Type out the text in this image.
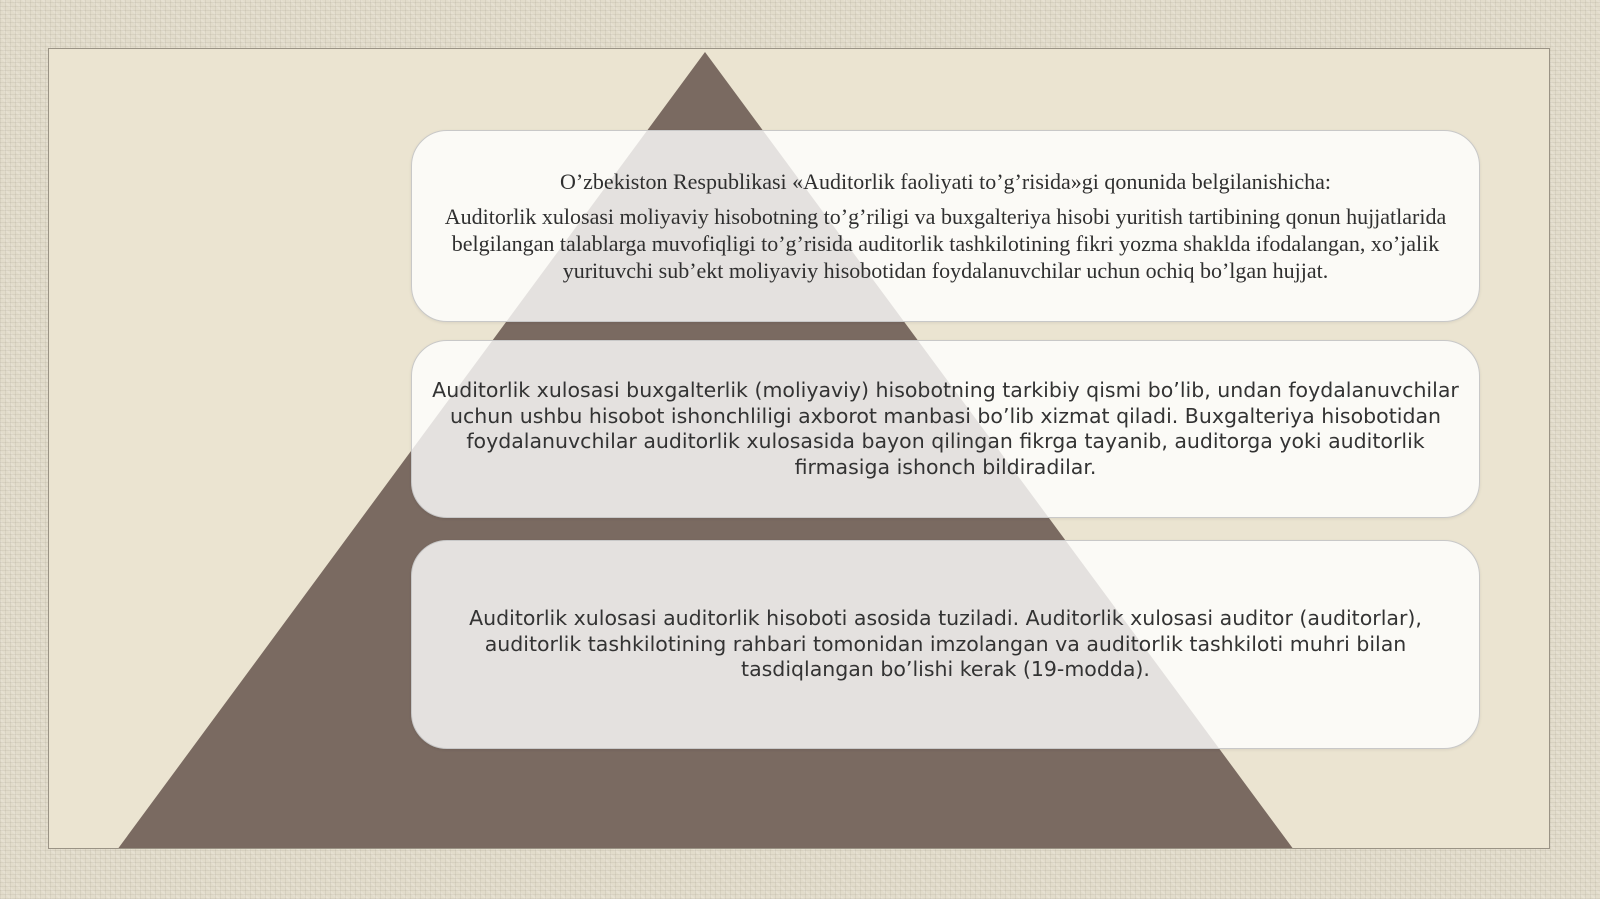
O’zbekiston Respublikasi «Auditorlik faoliyati to’g’risida»gi qonunida belgilanishicha:
Auditorlik xulosasi moliyaviy hisobotning to’g’riligi va buxgalteriya hisobi yuritish tartibining qonun hujjatlarida belgilangan talablarga muvofiqligi to’g’risida auditorlik tashkilotining fikri yozma shaklda ifodalangan, xo’jalik yurituvchi sub’ekt moliyaviy hisobotidan foydalanuvchilar uchun ochiq bo’lgan hujjat.
Auditorlik xulosasi buxgalterlik (moliyaviy) hisobotning tarkibiy qismi bo’lib, undan foydalanuvchilar uchun ushbu hisobot ishonchliligi axborot manbasi bo’lib xizmat qiladi. Buxgalteriya hisobotidan foydalanuvchilar auditorlik xulosasida bayon qilingan fikrga tayanib, auditorga yoki auditorlik firmasiga ishonch bildiradilar.
Auditorlik xulosasi auditorlik hisoboti asosida tuziladi. Auditorlik xulosasi auditor (auditorlar), auditorlik tashkilotining rahbari tomonidan imzolangan va auditorlik tashkiloti muhri bilan tasdiqlangan bo’lishi kerak (19-modda).
